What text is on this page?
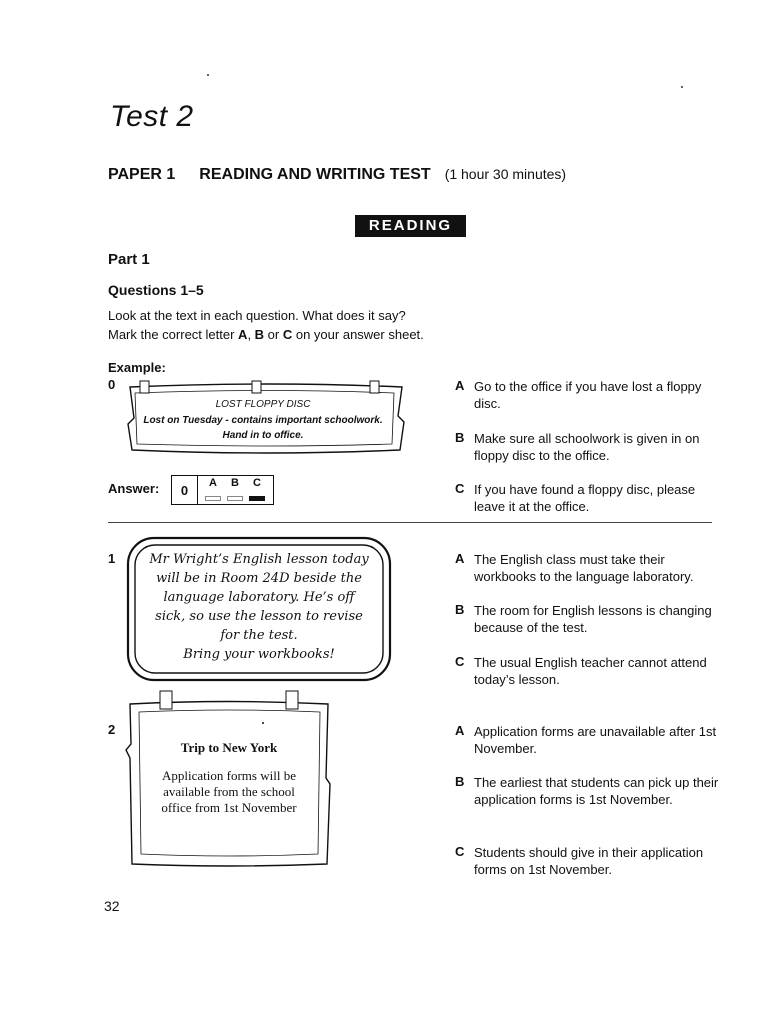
Test 2
PAPER 1 READING AND WRITING TEST (1 hour 30 minutes)
READING
Part 1
Questions 1–5
Look at the text in each question. What does it say?
Mark the correct letter A, B or C on your answer sheet.
Example:
0
LOST FLOPPY DISC
Lost on Tuesday - contains important schoolwork.
Hand in to office.
Answer:	0	A B C
A Go to the office if you have lost a floppy disc.
B Make sure all schoolwork is given in on floppy disc to the office.
C If you have found a floppy disc, please leave it at the office.
1	Mr Wright’s English lesson today
will be in Room 24D beside the
language laboratory. He’s off
sick, so use the lesson to revise
for the test.
Bring your workbooks!
A The English class must take their workbooks to the language laboratory.
B The room for English lessons is changing because of the test.
C The usual English teacher cannot attend today’s lesson.
2
Trip to New York
Application forms will be
available from the school
office from 1st November
A Application forms are unavailable after 1st November.
B The earliest that students can pick up their application forms is 1st November.
C Students should give in their application forms on 1st November.
32
